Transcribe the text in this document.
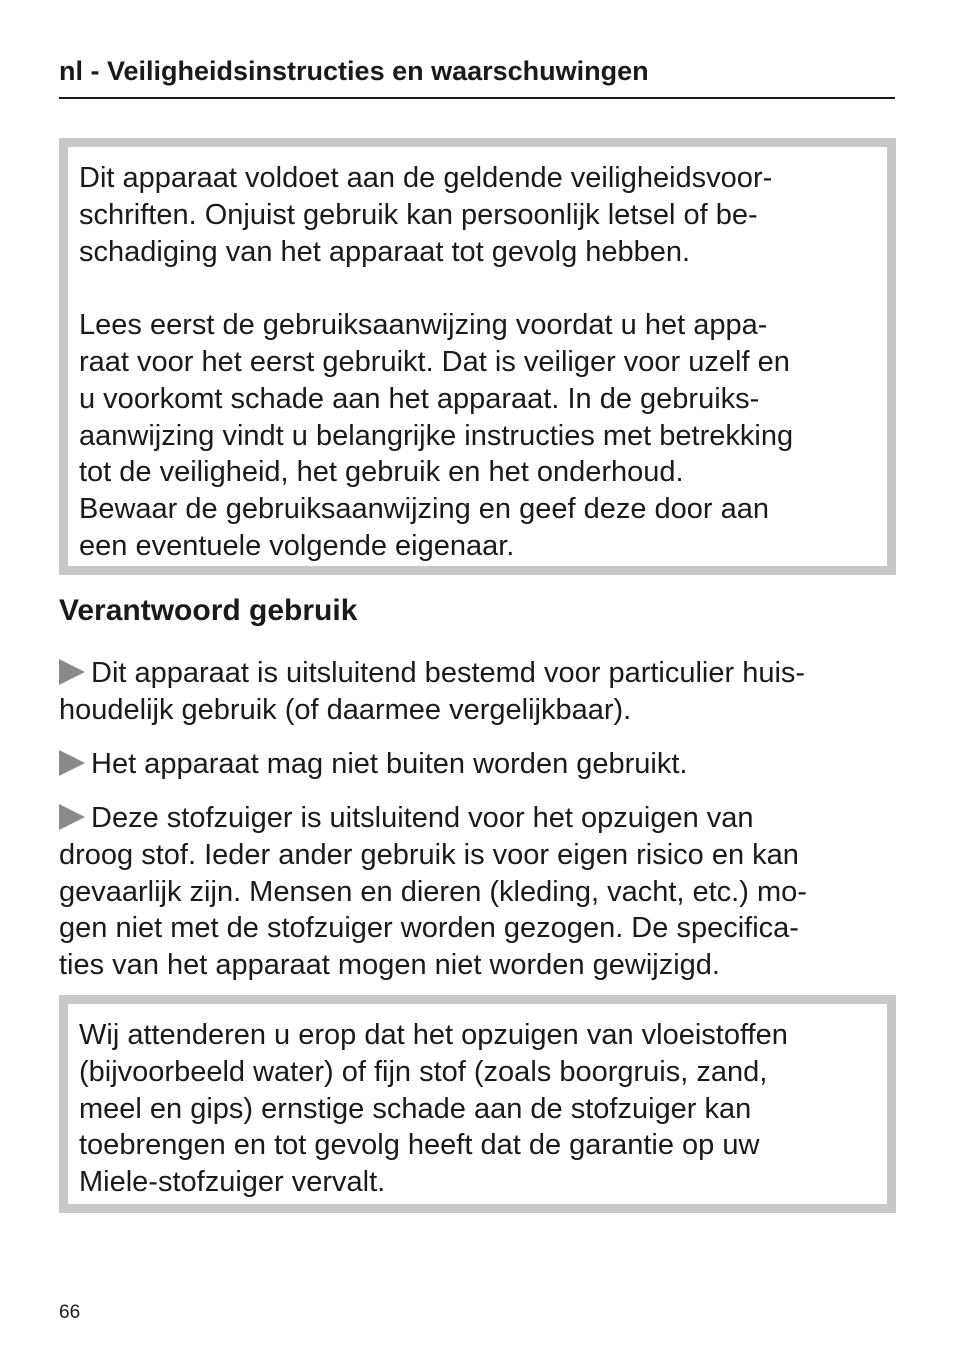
nl - Veiligheidsinstructies en waarschuwingen
Dit apparaat voldoet aan de geldende veiligheidsvoor-
schriften. Onjuist gebruik kan persoonlijk letsel of be-
schadiging van het apparaat tot gevolg hebben.
Lees eerst de gebruiksaanwijzing voordat u het appa-
raat voor het eerst gebruikt. Dat is veiliger voor uzelf en
u voorkomt schade aan het apparaat. In de gebruiks-
aanwijzing vindt u belangrijke instructies met betrekking
tot de veiligheid, het gebruik en het onderhoud.
Bewaar de gebruiksaanwijzing en geef deze door aan
een eventuele volgende eigenaar.
Verantwoord gebruik
Dit apparaat is uitsluitend bestemd voor particulier huis-
houdelijk gebruik (of daarmee vergelijkbaar).
Het apparaat mag niet buiten worden gebruikt.
Deze stofzuiger is uitsluitend voor het opzuigen van
droog stof. Ieder ander gebruik is voor eigen risico en kan
gevaarlijk zijn. Mensen en dieren (kleding, vacht, etc.) mo-
gen niet met de stofzuiger worden gezogen. De specifica-
ties van het apparaat mogen niet worden gewijzigd.
Wij attenderen u erop dat het opzuigen van vloeistoffen
(bijvoorbeeld water) of fijn stof (zoals boorgruis, zand,
meel en gips) ernstige schade aan de stofzuiger kan
toebrengen en tot gevolg heeft dat de garantie op uw
Miele-stofzuiger vervalt.
66
